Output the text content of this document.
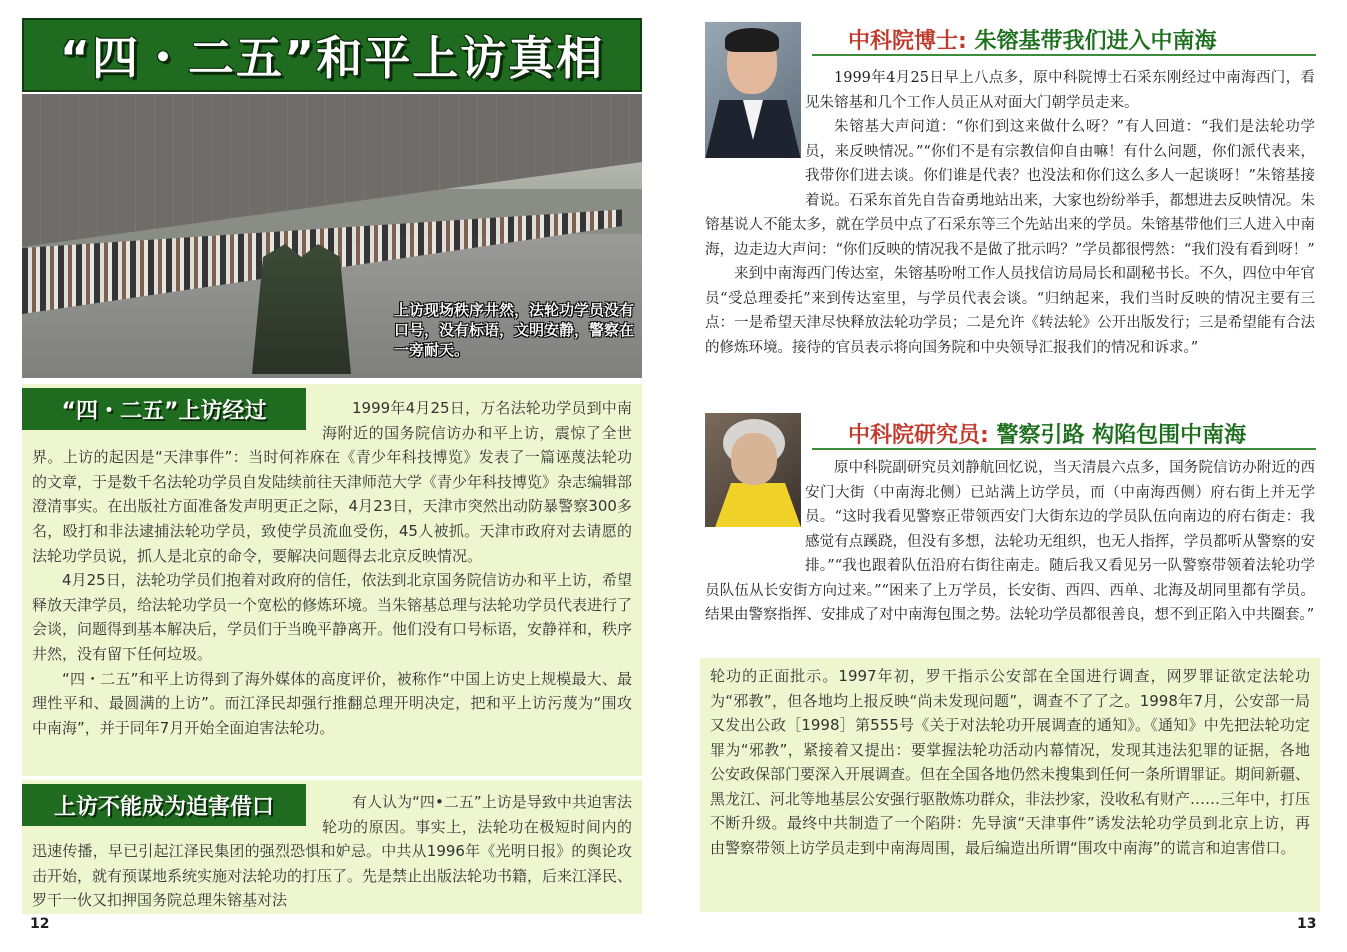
“四・二五”和平上访真相
上访现场秩序井然，法轮功学员没有口号，没有标语，文明安静，警察在一旁耐天。

1999年4月25日，万名法轮功学员到中南海附近的国务院信访办和平上访，震惊了全世界。上访的起因是“天津事件”：当时何祚庥在《青少年科技博览》发表了一篇诬蔑法轮功的文章，于是数千名法轮功学员自发陆续前往天津师范大学《青少年科技博览》杂志编辑部澄清事实。在出版社方面准备发声明更正之际，4月23日，天津市突然出动防暴警察300多名，殴打和非法逮捕法轮功学员，致使学员流血受伤，45人被抓。天津市政府对去请愿的法轮功学员说，抓人是北京的命令，要解决问题得去北京反映情况。

4月25日，法轮功学员们抱着对政府的信任，依法到北京国务院信访办和平上访，希望释放天津学员，给法轮功学员一个宽松的修炼环境。当朱镕基总理与法轮功学员代表进行了会谈，问题得到基本解决后，学员们于当晚平静离开。他们没有口号标语，安静祥和，秩序井然，没有留下任何垃圾。

“四・二五”和平上访得到了海外媒体的高度评价，被称作“中国上访史上规模最大、最理性平和、最圆满的上访”。而江泽民却强行推翻总理开明决定，把和平上访污蔑为“围攻中南海”，并于同年7月开始全面迫害法轮功。

“四・二五”上访经过

有人认为“四•二五”上访是导致中共迫害法轮功的原因。事实上，法轮功在极短时间内的迅速传播，早已引起江泽民集团的强烈恐惧和妒忌。中共从1996年《光明日报》的舆论攻击开始，就有预谋地系统实施对法轮功的打压了。先是禁止出版法轮功书籍，后来江泽民、罗干一伙又扣押国务院总理朱镕基对法

上访不能成为迫害借口
12
中科院博士: 朱镕基带我们进入中南海

1999年4月25日早上八点多，原中科院博士石采东刚经过中南海西门，看见朱镕基和几个工作人员正从对面大门朝学员走来。

朱镕基大声问道：“你们到这来做什么呀？”有人回道：“我们是法轮功学员，来反映情况。”“你们不是有宗教信仰自由嘛！有什么问题，你们派代表来，我带你们进去谈。你们谁是代表？也没法和你们这么多人一起谈呀！”朱镕基接着说。石采东首先自告奋勇地站出来，大家也纷纷举手，都想进去反映情况。朱镕基说人不能太多，就在学员中点了石采东等三个先站出来的学员。朱镕基带他们三人进入中南海，边走边大声问：“你们反映的情况我不是做了批示吗？”学员都很愕然：“我们没有看到呀！”

来到中南海西门传达室，朱镕基吩咐工作人员找信访局局长和副秘书长。不久，四位中年官员“受总理委托”来到传达室里，与学员代表会谈。“归纳起来，我们当时反映的情况主要有三点：一是希望天津尽快释放法轮功学员；二是允许《转法轮》公开出版发行；三是希望能有合法的修炼环境。接待的官员表示将向国务院和中央领导汇报我们的情况和诉求。”

中科院研究员: 警察引路 构陷包围中南海

原中科院副研究员刘静航回忆说，当天清晨六点多，国务院信访办附近的西安门大街（中南海北侧）已站满上访学员，而（中南海西侧）府右街上并无学员。“这时我看见警察正带领西安门大街东边的学员队伍向南边的府右街走：我感觉有点蹊跷，但没有多想，法轮功无组织，也无人指挥，学员都听从警察的安排。”“我也跟着队伍沿府右街往南走。随后我又看见另一队警察带领着法轮功学员队伍从长安街方向过来。”“困来了上万学员，长安街、西四、西单、北海及胡同里都有学员。结果由警察指挥、安排成了对中南海包围之势。法轮功学员都很善良，想不到正陷入中共圈套。”

轮功的正面批示。1997年初，罗干指示公安部在全国进行调查，网罗罪证欲定法轮功为“邪教”，但各地均上报反映“尚未发现问题”，调查不了了之。1998年7月，公安部一局又发出公政［1998］第555号《关于对法轮功开展调查的通知》。《通知》中先把法轮功定罪为“邪教”，紧接着又提出：要掌握法轮功活动内幕情况，发现其违法犯罪的证据，各地公安政保部门要深入开展调查。但在全国各地仍然未搜集到任何一条所谓罪证。期间新疆、黑龙江、河北等地基层公安强行驱散炼功群众，非法抄家，没收私有财产……三年中，打压不断升级。最终中共制造了一个陷阱：先导演“天津事件”诱发法轮功学员到北京上访，再由警察带领上访学员走到中南海周围，最后编造出所谓“围攻中南海”的谎言和迫害借口。

13
